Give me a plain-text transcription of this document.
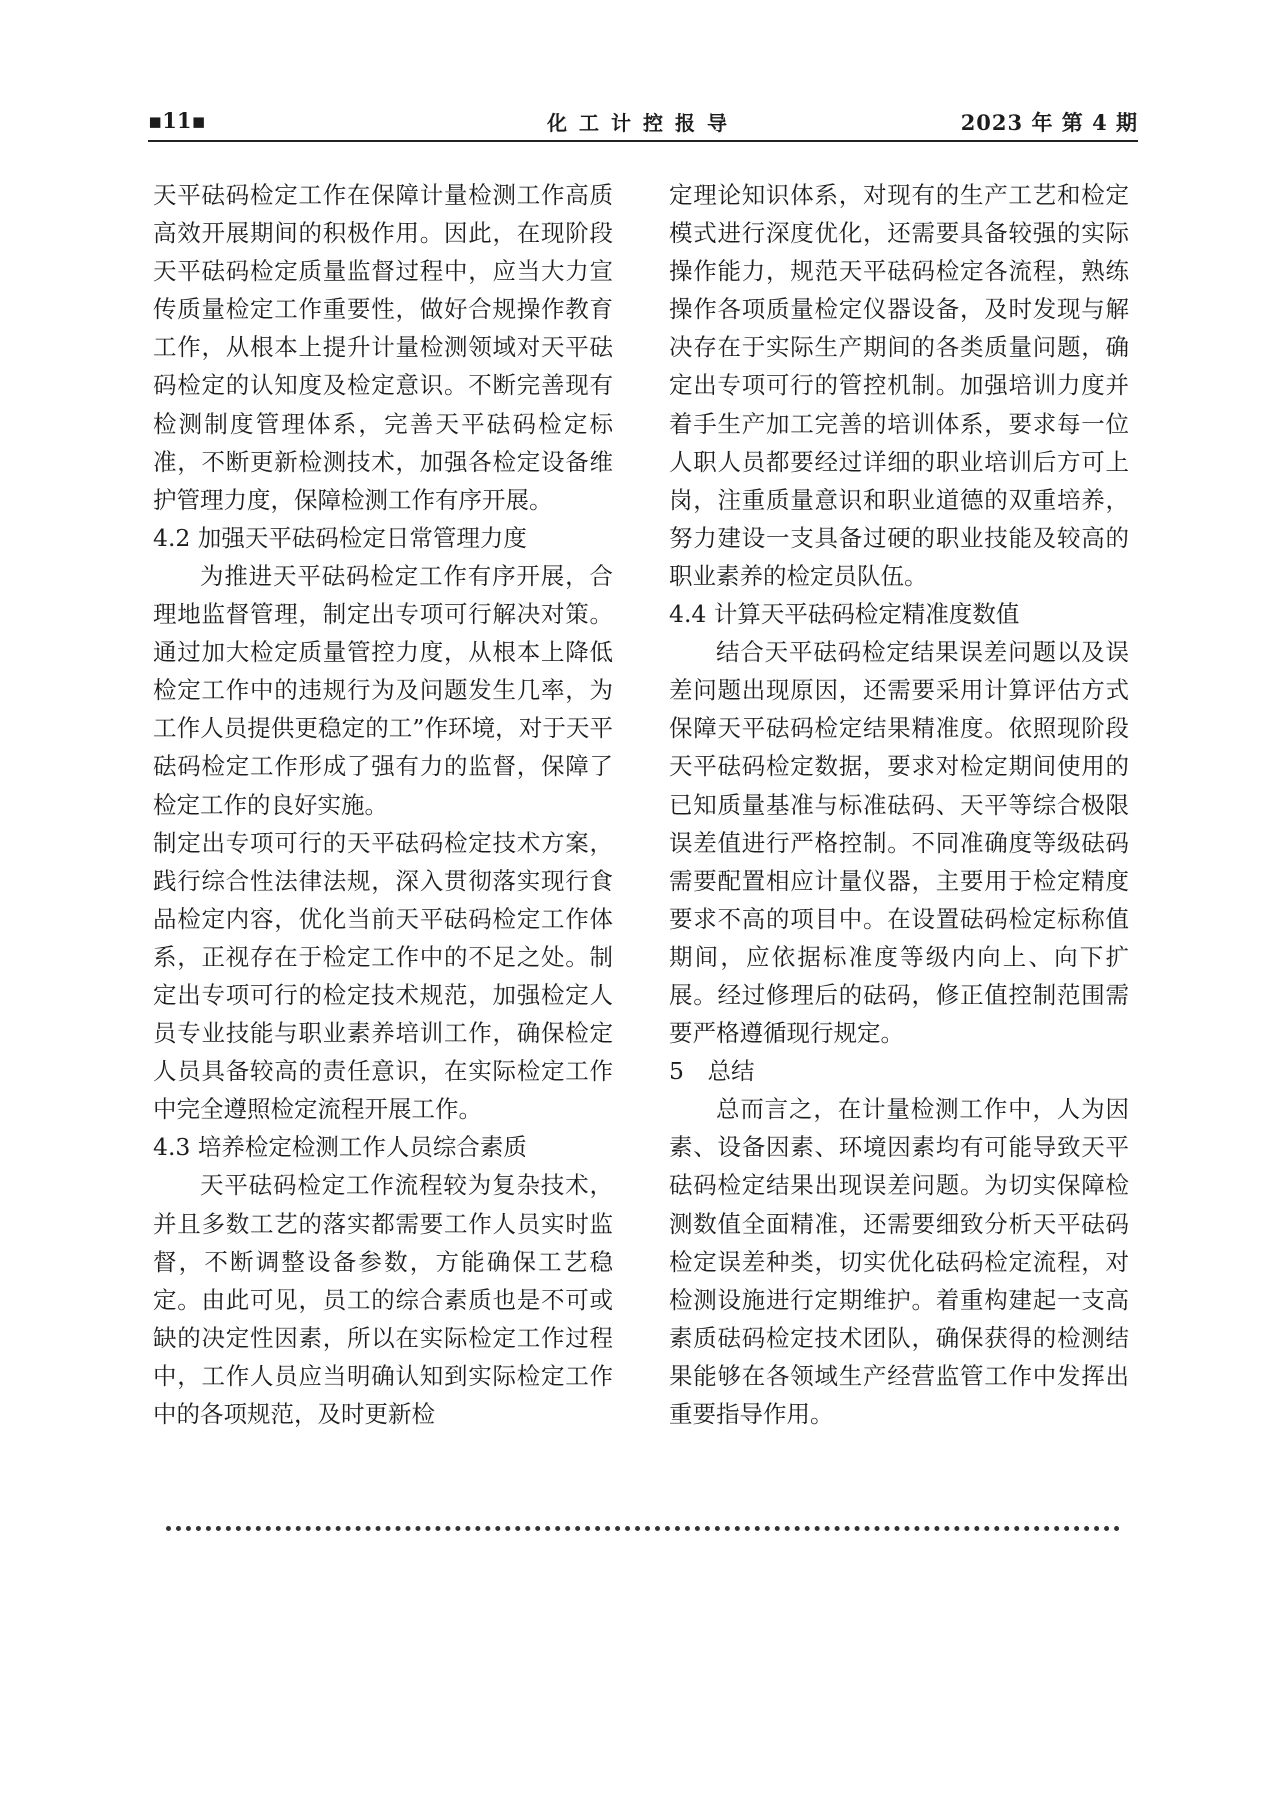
▪11▪	化工计控报导	2023 年 第 4 期

天平砝码检定工作在保障计量检测工作高质高效开展期间的积极作用。因此，在现阶段天平砝码检定质量监督过程中，应当大力宣传质量检定工作重要性，做好合规操作教育工作，从根本上提升计量检测领域对天平砝码检定的认知度及检定意识。不断完善现有检测制度管理体系，完善天平砝码检定标准，不断更新检测技术，加强各检定设备维护管理力度，保障检测工作有序开展。

4.2 加强天平砝码检定日常管理力度

为推进天平砝码检定工作有序开展，合理地监督管理，制定出专项可行解决对策。通过加大检定质量管控力度，从根本上降低检定工作中的违规行为及问题发生几率，为工作人员提供更稳定的工”作环境，对于天平砝码检定工作形成了强有力的监督，保障了检定工作的良好实施。

制定出专项可行的天平砝码检定技术方案，践行综合性法律法规，深入贯彻落实现行食品检定内容，优化当前天平砝码检定工作体系，正视存在于检定工作中的不足之处。制定出专项可行的检定技术规范，加强检定人员专业技能与职业素养培训工作，确保检定人员具备较高的责任意识，在实际检定工作中完全遵照检定流程开展工作。

4.3 培养检定检测工作人员综合素质

天平砝码检定工作流程较为复杂技术，并且多数工艺的落实都需要工作人员实时监督，不断调整设备参数，方能确保工艺稳定。由此可见，员工的综合素质也是不可或缺的决定性因素，所以在实际检定工作过程中，工作人员应当明确认知到实际检定工作中的各项规范，及时更新检

定理论知识体系，对现有的生产工艺和检定模式进行深度优化，还需要具备较强的实际操作能力，规范天平砝码检定各流程，熟练操作各项质量检定仪器设备，及时发现与解决存在于实际生产期间的各类质量问题，确定出专项可行的管控机制。加强培训力度并着手生产加工完善的培训体系，要求每一位人职人员都要经过详细的职业培训后方可上岗，注重质量意识和职业道德的双重培养，努力建设一支具备过硬的职业技能及较高的职业素养的检定员队伍。

4.4 计算天平砝码检定精准度数值

结合天平砝码检定结果误差问题以及误差问题出现原因，还需要采用计算评估方式保障天平砝码检定结果精准度。依照现阶段天平砝码检定数据，要求对检定期间使用的已知质量基准与标准砝码、天平等综合极限误差值进行严格控制。不同准确度等级砝码需要配置相应计量仪器，主要用于检定精度要求不高的项目中。在设置砝码检定标称值期间，应依据标准度等级内向上、向下扩展。经过修理后的砝码，修正值控制范围需要严格遵循现行规定。

5　总结

总而言之，在计量检测工作中，人为因素、设备因素、环境因素均有可能导致天平砝码检定结果出现误差问题。为切实保障检测数值全面精准，还需要细致分析天平砝码检定误差种类，切实优化砝码检定流程，对检测设施进行定期维护。着重构建起一支高素质砝码检定技术团队，确保获得的检测结果能够在各领域生产经营监管工作中发挥出重要指导作用。
